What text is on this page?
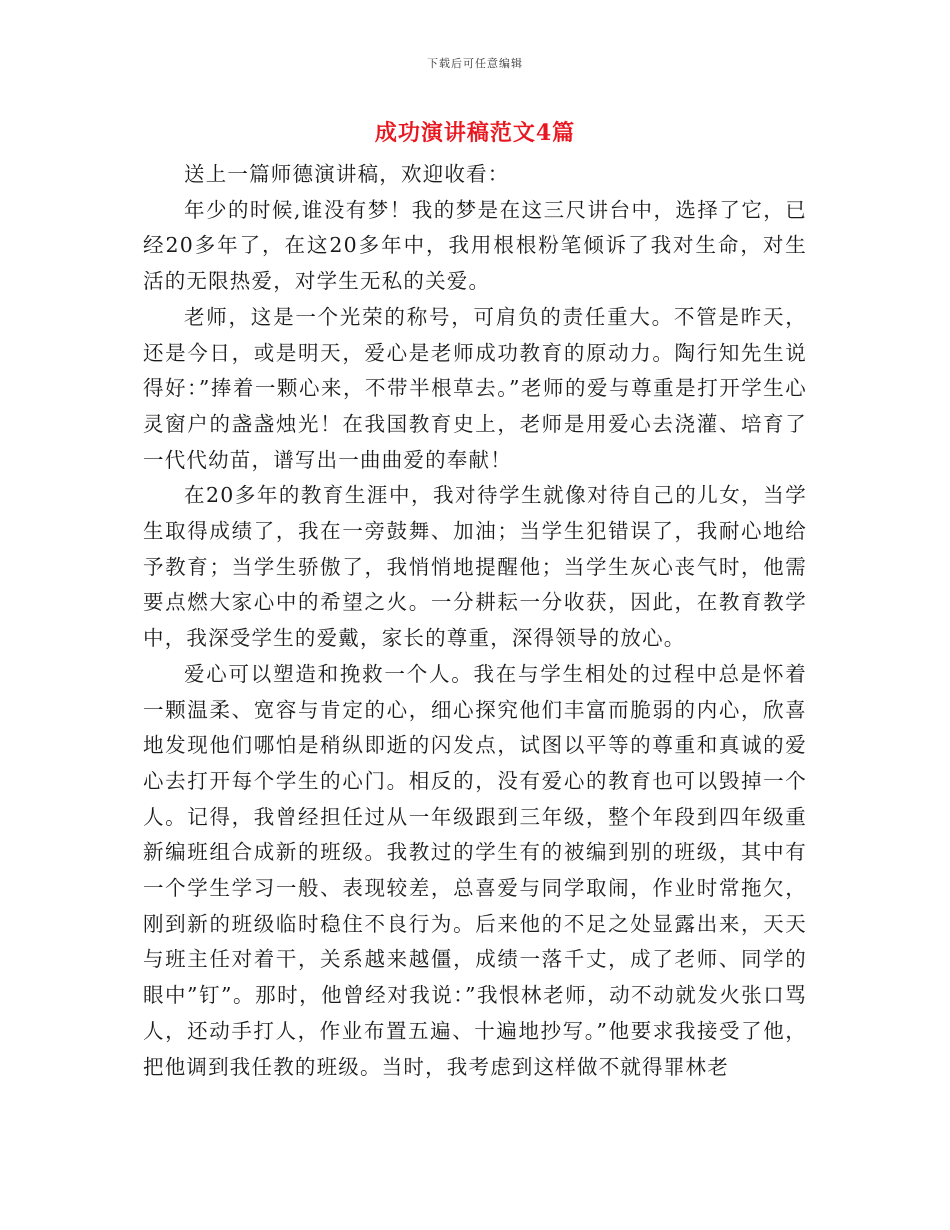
下载后可任意编辑
成功演讲稿范文4篇

送上一篇师德演讲稿，欢迎收看：

年少的时候,谁没有梦！我的梦是在这三尺讲台中，选择了它，已经20多年了，在这20多年中，我用根根粉笔倾诉了我对生命，对生活的无限热爱，对学生无私的关爱。

老师，这是一个光荣的称号，可肩负的责任重大。不管是昨天，还是今日，或是明天，爱心是老师成功教育的原动力。陶行知先生说得好：”捧着一颗心来，不带半根草去。”老师的爱与尊重是打开学生心灵窗户的盏盏烛光！在我国教育史上，老师是用爱心去浇灌、培育了一代代幼苗，谱写出一曲曲爱的奉献！

在20多年的教育生涯中，我对待学生就像对待自己的儿女，当学生取得成绩了，我在一旁鼓舞、加油；当学生犯错误了，我耐心地给予教育；当学生骄傲了，我悄悄地提醒他；当学生灰心丧气时，他需要点燃大家心中的希望之火。一分耕耘一分收获，因此，在教育教学中，我深受学生的爱戴，家长的尊重，深得领导的放心。

爱心可以塑造和挽救一个人。我在与学生相处的过程中总是怀着一颗温柔、宽容与肯定的心，细心探究他们丰富而脆弱的内心，欣喜地发现他们哪怕是稍纵即逝的闪发点，试图以平等的尊重和真诚的爱心去打开每个学生的心门。相反的，没有爱心的教育也可以毁掉一个人。记得，我曾经担任过从一年级跟到三年级，整个年段到四年级重新编班组合成新的班级。我教过的学生有的被编到别的班级，其中有一个学生学习一般、表现较差，总喜爱与同学取闹，作业时常拖欠，刚到新的班级临时稳住不良行为。后来他的不足之处显露出来，天天与班主任对着干，关系越来越僵，成绩一落千丈，成了老师、同学的眼中”钉”。那时，他曾经对我说：”我恨林老师，动不动就发火张口骂人，还动手打人，作业布置五遍、十遍地抄写。”他要求我接受了他，把他调到我任教的班级。当时，我考虑到这样做不就得罪林老
